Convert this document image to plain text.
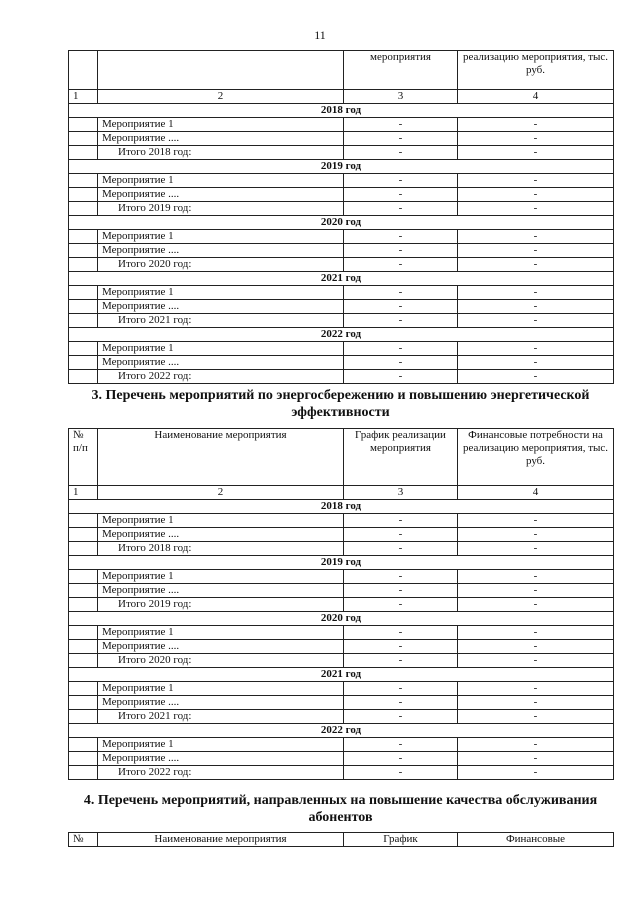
11
		мероприятия	реализацию мероприятия, тыс. руб.
1	2	3	4
2018 год			
	Мероприятие 1	-	-
	Мероприятие ....	-	-
	Итого 2018 год:	-	-
2019 год			
	Мероприятие 1	-	-
	Мероприятие ....	-	-
	Итого 2019 год:	-	-
2020 год			
	Мероприятие 1	-	-
	Мероприятие ....	-	-
	Итого 2020 год:	-	-
2021 год			
	Мероприятие 1	-	-
	Мероприятие ....	-	-
	Итого 2021 год:	-	-
2022 год			
	Мероприятие 1	-	-
	Мероприятие ....	-	-
	Итого 2022 год:	-	-
3. Перечень мероприятий по энергосбережению и повышению энергетической эффективности
№ п/п	Наименование мероприятия	График реализации мероприятия	Финансовые потребности на реализацию мероприятия, тыс. руб.
1	2	3	4
2018 год			
	Мероприятие 1	-	-
	Мероприятие ....	-	-
	Итого 2018 год:	-	-
2019 год			
	Мероприятие 1	-	-
	Мероприятие ....	-	-
	Итого 2019 год:	-	-
2020 год			
	Мероприятие 1	-	-
	Мероприятие ....	-	-
	Итого 2020 год:	-	-
2021 год			
	Мероприятие 1	-	-
	Мероприятие ....	-	-
	Итого 2021 год:	-	-
2022 год			
	Мероприятие 1	-	-
	Мероприятие ....	-	-
	Итого 2022 год:	-	-
4. Перечень мероприятий, направленных на повышение качества обслуживания абонентов
№	Наименование мероприятия	График	Финансовые
